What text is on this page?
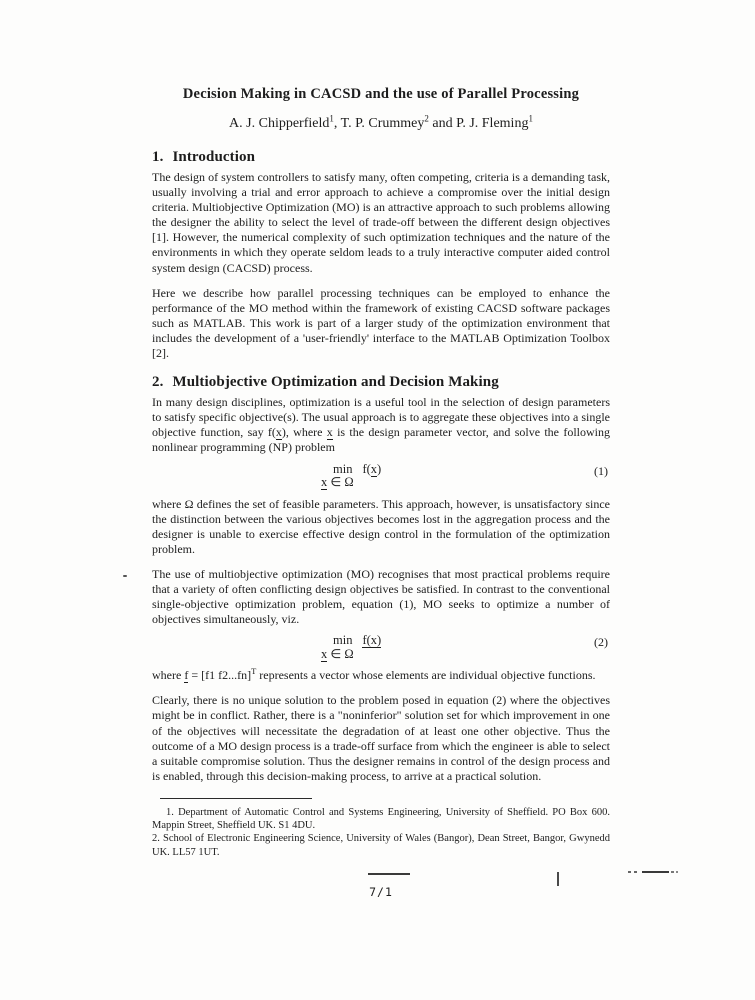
Decision Making in CACSD and the use of Parallel Processing
A. J. Chipperfield$^1$, T. P. Crummey$^2$ and P. J. Fleming$^1$
1. Introduction

The design of system controllers to satisfy many, often competing, criteria is a demanding task, usually involving a trial and error approach to achieve a compromise over the initial design criteria. Multiobjective Optimization (MO) is an attractive approach to such problems allowing the designer the ability to select the level of trade-off between the different design objectives [1]. However, the numerical complexity of such optimization techniques and the nature of the environments in which they operate seldom leads to a truly interactive computer aided control system design (CACSD) process.

Here we describe how parallel processing techniques can be employed to enhance the performance of the MO method within the framework of existing CACSD software packages such as MATLAB. This work is part of a larger study of the optimization environment that includes the development of a 'user-friendly' interface to the MATLAB Optimization Toolbox [2].

2. Multiobjective Optimization and Decision Making

In many design disciplines, optimization is a useful tool in the selection of design parameters to satisfy specific objective(s). The usual approach is to aggregate these objectives into a single objective function, say f(x), where x is the design parameter vector, and solve the following nonlinear programming (NP) problem

min f(x)
x ∈ Ω
(1)

where Ω defines the set of feasible parameters. This approach, however, is unsatisfactory since the distinction between the various objectives becomes lost in the aggregation process and the designer is unable to exercise effective design control in the formulation of the optimization problem.

The use of multiobjective optimization (MO) recognises that most practical problems require that a variety of often conflicting design objectives be satisfied. In contrast to the conventional single-objective optimization problem, equation (1), MO seeks to optimize a number of objectives simultaneously, viz.

min f(x)
x ∈ Ω
(2)

where f = [f1 f2...fn]$^T$ represents a vector whose elements are individual objective functions.

Clearly, there is no unique solution to the problem posed in equation (2) where the objectives might be in conflict. Rather, there is a "noninferior" solution set for which improvement in one of the objectives will necessitate the degradation of at least one other objective. Thus the outcome of a MO design process is a trade-off surface from which the engineer is able to select a suitable compromise solution. Thus the designer remains in control of the design process and is enabled, through this decision-making process, to arrive at a practical solution.

1. Department of Automatic Control and Systems Engineering, University of Sheffield. PO Box 600. Mappin Street, Sheffield UK. S1 4DU.

2. School of Electronic Engineering Science, University of Wales (Bangor), Dean Street, Bangor, Gwynedd UK. LL57 1UT.

7/1
